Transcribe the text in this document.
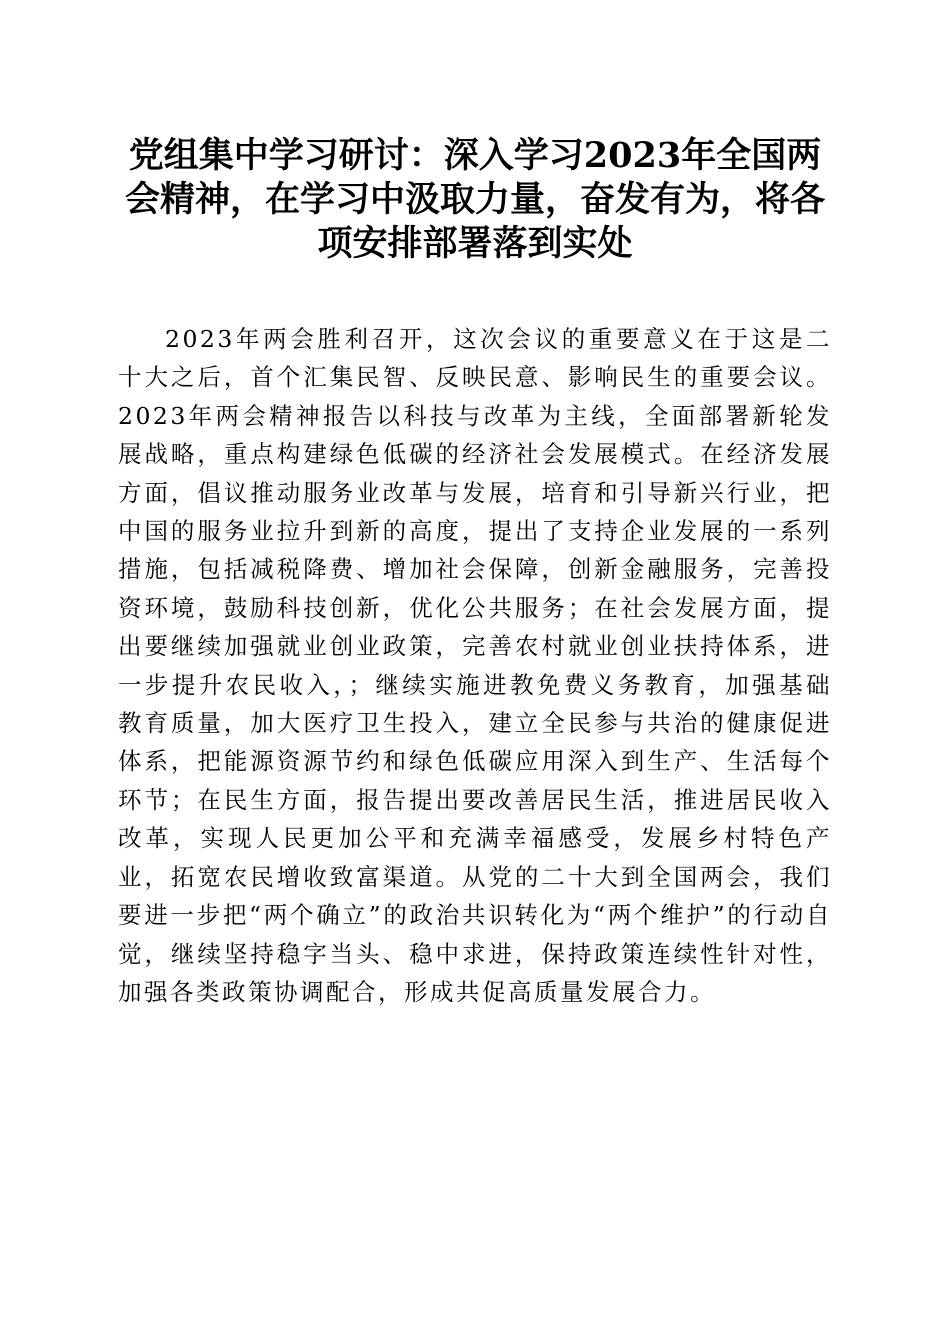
党组集中学习研讨：深入学习2023年全国两
会精神，在学习中汲取力量，奋发有为，将各
项安排部署落到实处

2023年两会胜利召开，这次会议的重要意义在于这是二十大之后，首个汇集民智、反映民意、影响民生的重要会议。2023年两会精神报告以科技与改革为主线，全面部署新轮发展战略，重点构建绿色低碳的经济社会发展模式。在经济发展方面，倡议推动服务业改革与发展，培育和引导新兴行业，把中国的服务业拉升到新的高度，提出了支持企业发展的一系列措施，包括减税降费、增加社会保障，创新金融服务，完善投资环境，鼓励科技创新，优化公共服务；在社会发展方面，提出要继续加强就业创业政策，完善农村就业创业扶持体系，进一步提升农民收入，；继续实施进教免费义务教育，加强基础教育质量，加大医疗卫生投入，建立全民参与共治的健康促进体系，把能源资源节约和绿色低碳应用深入到生产、生活每个环节；在民生方面，报告提出要改善居民生活，推进居民收入改革，实现人民更加公平和充满幸福感受，发展乡村特色产业，拓宽农民增收致富渠道。从党的二十大到全国两会，我们要进一步把“两个确立”的政治共识转化为“两个维护”的行动自觉，继续坚持稳字当头、稳中求进，保持政策连续性针对性，加强各类政策协调配合，形成共促高质量发展合力。
